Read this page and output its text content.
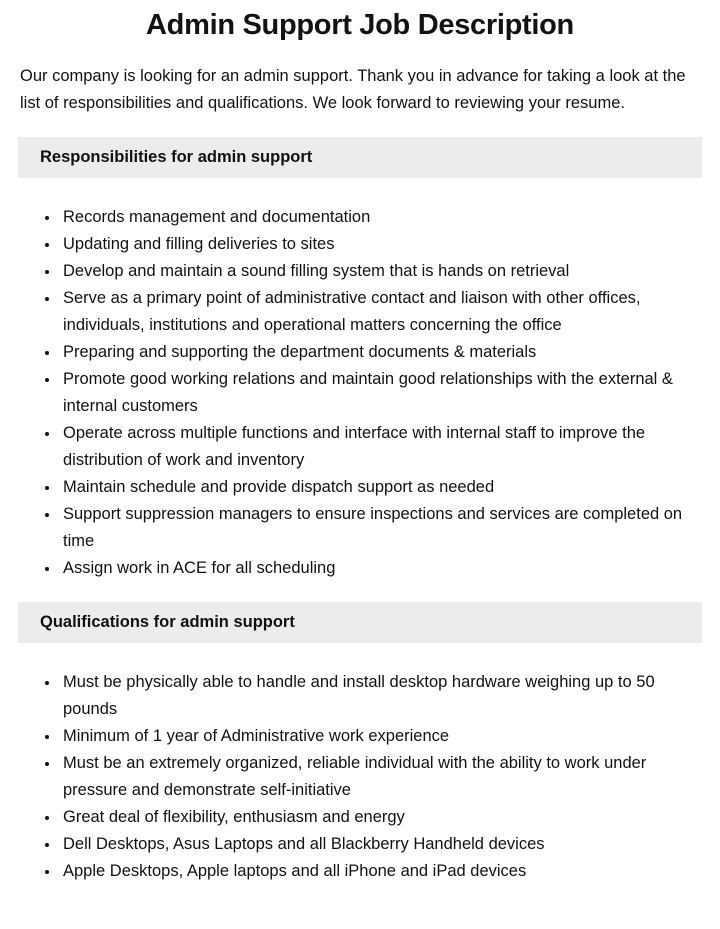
Admin Support Job Description

Our company is looking for an admin support. Thank you in advance for taking a look at the list of responsibilities and qualifications. We look forward to reviewing your resume.

Responsibilities for admin support
• Records management and documentation
• Updating and filling deliveries to sites
• Develop and maintain a sound filling system that is hands on retrieval
• Serve as a primary point of administrative contact and liaison with other offices, individuals, institutions and operational matters concerning the office
• Preparing and supporting the department documents & materials
• Promote good working relations and maintain good relationships with the external & internal customers
• Operate across multiple functions and interface with internal staff to improve the distribution of work and inventory
• Maintain schedule and provide dispatch support as needed
• Support suppression managers to ensure inspections and services are completed on time
• Assign work in ACE for all scheduling
Qualifications for admin support
• Must be physically able to handle and install desktop hardware weighing up to 50 pounds
• Minimum of 1 year of Administrative work experience
• Must be an extremely organized, reliable individual with the ability to work under pressure and demonstrate self-initiative
• Great deal of flexibility, enthusiasm and energy
• Dell Desktops, Asus Laptops and all Blackberry Handheld devices
• Apple Desktops, Apple laptops and all iPhone and iPad devices
